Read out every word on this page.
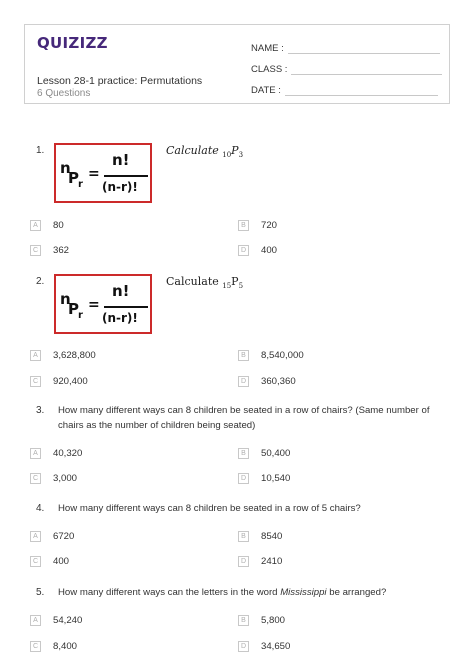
QUIZIZZ
Lesson 28-1 practice: Permutations
6 Questions
NAME :
CLASS :
DATE :
1.
n
P r
=
n!
(n-r)!
Calculate $_{10}P_3$
A	80	B	720
C	362	D	400
2.
n
P r
=
n!
(n-r)!
Calculate $_{15}P_5$
A	3,628,800	B	8,540,000
C	920,400	D	360,360
3. How many different ways can 8 children be seated in a row of chairs? (Same number of
chairs as the number of children being seated)
A	40,320	B	50,400
C	3,000	D	10,540
4. How many different ways can 8 children be seated in a row of 5 chairs?
A	6720	B	8540
C	400	D	2410
5. How many different ways can the letters in the word Mississippi be arranged?
A	54,240	B	5,800
C	8,400	D	34,650
